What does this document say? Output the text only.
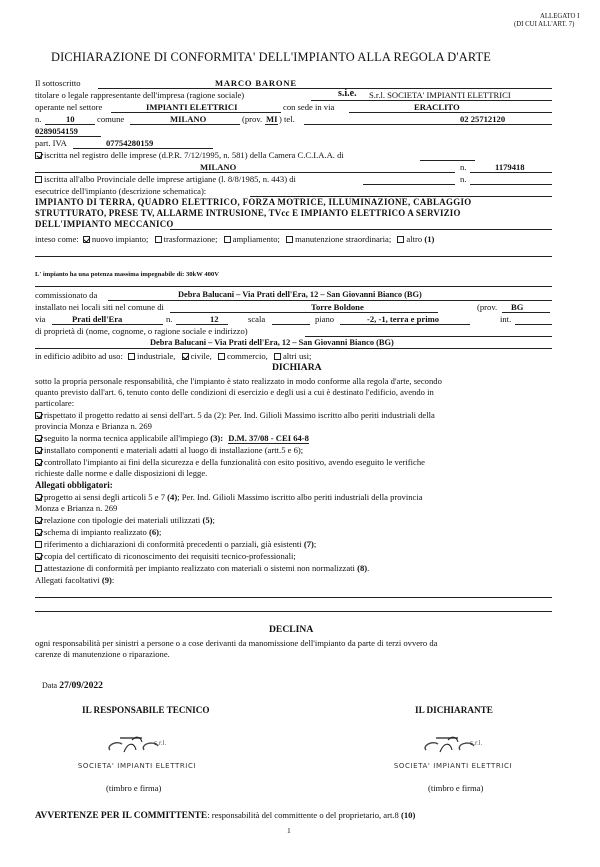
ALLEGATO I
(DI CUI ALL'ART. 7)
DICHIARAZIONE DI CONFORMITA' DELL'IMPIANTO ALLA REGOLA D'ARTE
Il sottoscritto	MARCO BARONE
titolare o legale rappresentante dell'impresa (ragione sociale)	s.i.e. S.r.l. SOCIETA' IMPIANTI ELETTRICI
operante nel settore	IMPIANTI ELETTRICI	con sede in via	ERACLITO
n.	10	comune	MILANO	(prov. MI ) tel.	02 25712120
0289054159
part. IVA	07754280159
iscritta nel registro delle imprese (d.P.R. 7/12/1995, n. 581) della Camera C.C.I.A.A. di
MILANO	n.	1179418
iscritta all'albo Provinciale delle imprese artigiane (l. 8/8/1985, n. 443) di	n.
esecutrice dell'impianto (descrizione schematica):
IMPIANTO DI TERRA, QUADRO ELETTRICO, FORZA MOTRICE, ILLUMINAZIONE, CABLAGGIO
STRUTTURATO, PRESE TV, ALLARME INTRUSIONE, TVcc E IMPIANTO ELETTRICO A SERVIZIO
DELL'IMPIANTO MECCANICO
inteso come: nuovo impianto; trasformazione; ampliamento; manutenzione straordinaria; altro (1)
L' impianto ha una potenza massima impegnabile di: 30kW 400V
commissionato da	Debra Balucani – Via Prati dell'Era, 12 – San Giovanni Bianco (BG)
installato nei locali siti nel comune di	Torre Boldone	(prov. BG
via	Prati dell'Era	n.	12	scala	piano	-2, -1, terra e primo	int.
di proprietà di (nome, cognome, o ragione sociale e indirizzo)
Debra Balucani – Via Prati dell'Era, 12 – San Giovanni Bianco (BG)
in edificio adibito ad uso: industriale, civile, commercio, altri usi;
DICHIARA
sotto la propria personale responsabilità, che l'impianto è stato realizzato in modo conforme alla regola d'arte, secondo
quanto previsto dall'art. 6, tenuto conto delle condizioni di esercizio e degli usi a cui è destinato l'edificio, avendo in
particolare:
rispettato il progetto redatto ai sensi dell'art. 5 da (2): Per. Ind. Gilioli Massimo iscritto albo periti industriali della
provincia Monza e Brianza n. 269
seguito la norma tecnica applicabile all'impiego (3): D.M. 37/08 - CEI 64-8
installato componenti e materiali adatti al luogo di installazione (artt.5 e 6);
controllato l'impianto ai fini della sicurezza e della funzionalità con esito positivo, avendo eseguito le verifiche
richieste dalle norme e dalle disposizioni di legge.
Allegati obbligatori:
progetto ai sensi degli articoli 5 e 7 (4); Per. Ind. Gilioli Massimo iscritto albo periti industriali della provincia
Monza e Brianza n. 269
relazione con tipologie dei materiali utilizzati (5);
schema di impianto realizzato (6);
riferimento a dichiarazioni di conformità precedenti o parziali, già esistenti (7);
copia del certificato di riconoscimento dei requisiti tecnico-professionali;
attestazione di conformità per impianto realizzato con materiali o sistemi non normalizzati (8).
Allegati facoltativi (9):
DECLINA
ogni responsabilità per sinistri a persone o a cose derivanti da manomissione dell'impianto da parte di terzi ovvero da
carenze di manutenzione o riparazione.
Data 27/09/2022
IL RESPONSABILE TECNICO	IL DICHIARANTE
s.r.l.
SOCIETA' IMPIANTI ELETTRICI
s.r.l.
SOCIETA' IMPIANTI ELETTRICI
(timbro e firma)	(timbro e firma)
AVVERTENZE PER IL COMMITTENTE: responsabilità del committente o del proprietario, art.8 (10)
1
